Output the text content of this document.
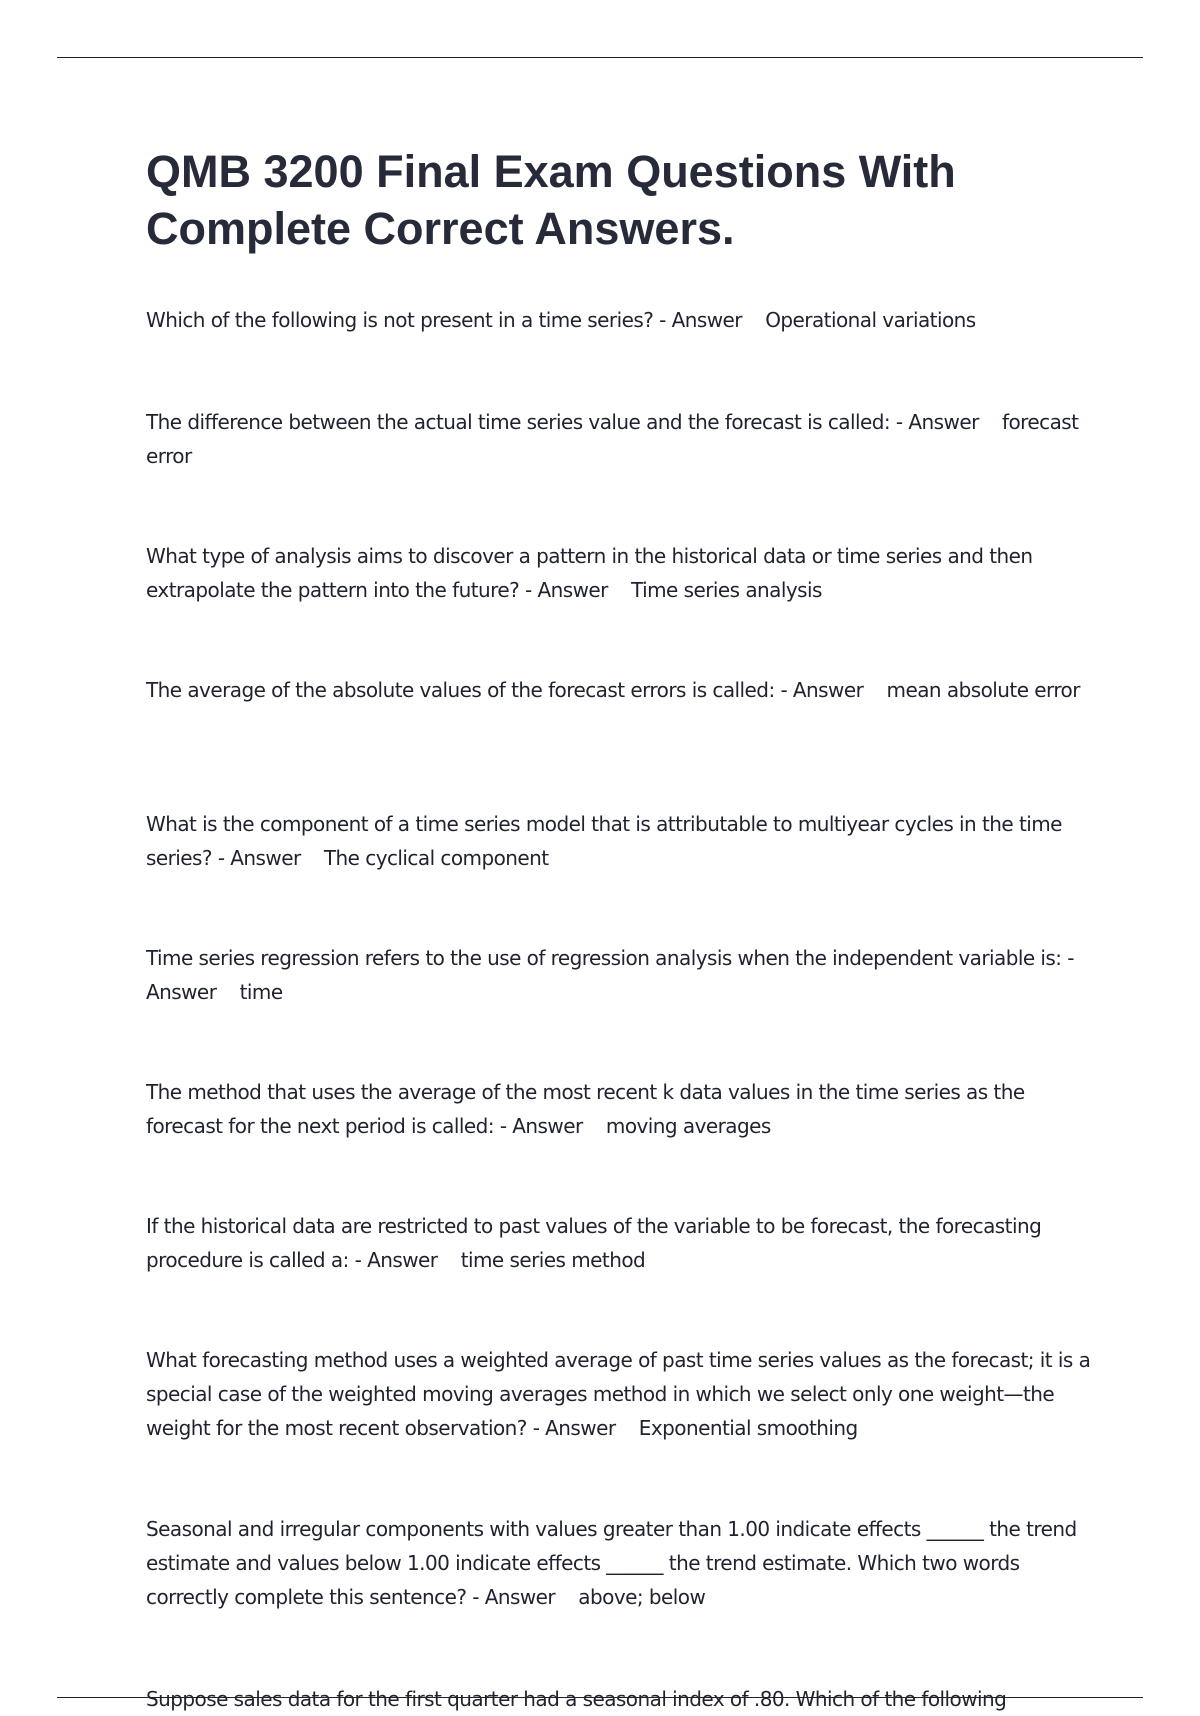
QMB 3200 Final Exam Questions With Complete Correct Answers.

Which of the following is not present in a time series? - Answer Operational variations

The difference between the actual time series value and the forecast is called: - Answer forecast error

What type of analysis aims to discover a pattern in the historical data or time series and then extrapolate the pattern into the future? - Answer Time series analysis

The average of the absolute values of the forecast errors is called: - Answer mean absolute error

What is the component of a time series model that is attributable to multiyear cycles in the time series? - Answer The cyclical component

Time series regression refers to the use of regression analysis when the independent variable is: - Answer time

The method that uses the average of the most recent k data values in the time series as the forecast for the next period is called: - Answer moving averages

If the historical data are restricted to past values of the variable to be forecast, the forecasting procedure is called a: - Answer time series method

What forecasting method uses a weighted average of past time series values as the forecast; it is a special case of the weighted moving averages method in which we select only one weight—the weight for the most recent observation? - Answer Exponential smoothing

Seasonal and irregular components with values greater than 1.00 indicate effects ______ the trend estimate and values below 1.00 indicate effects ______ the trend estimate. Which two words correctly complete this sentence? - Answer above; below

Suppose sales data for the first quarter had a seasonal index of .80. Which of the following
